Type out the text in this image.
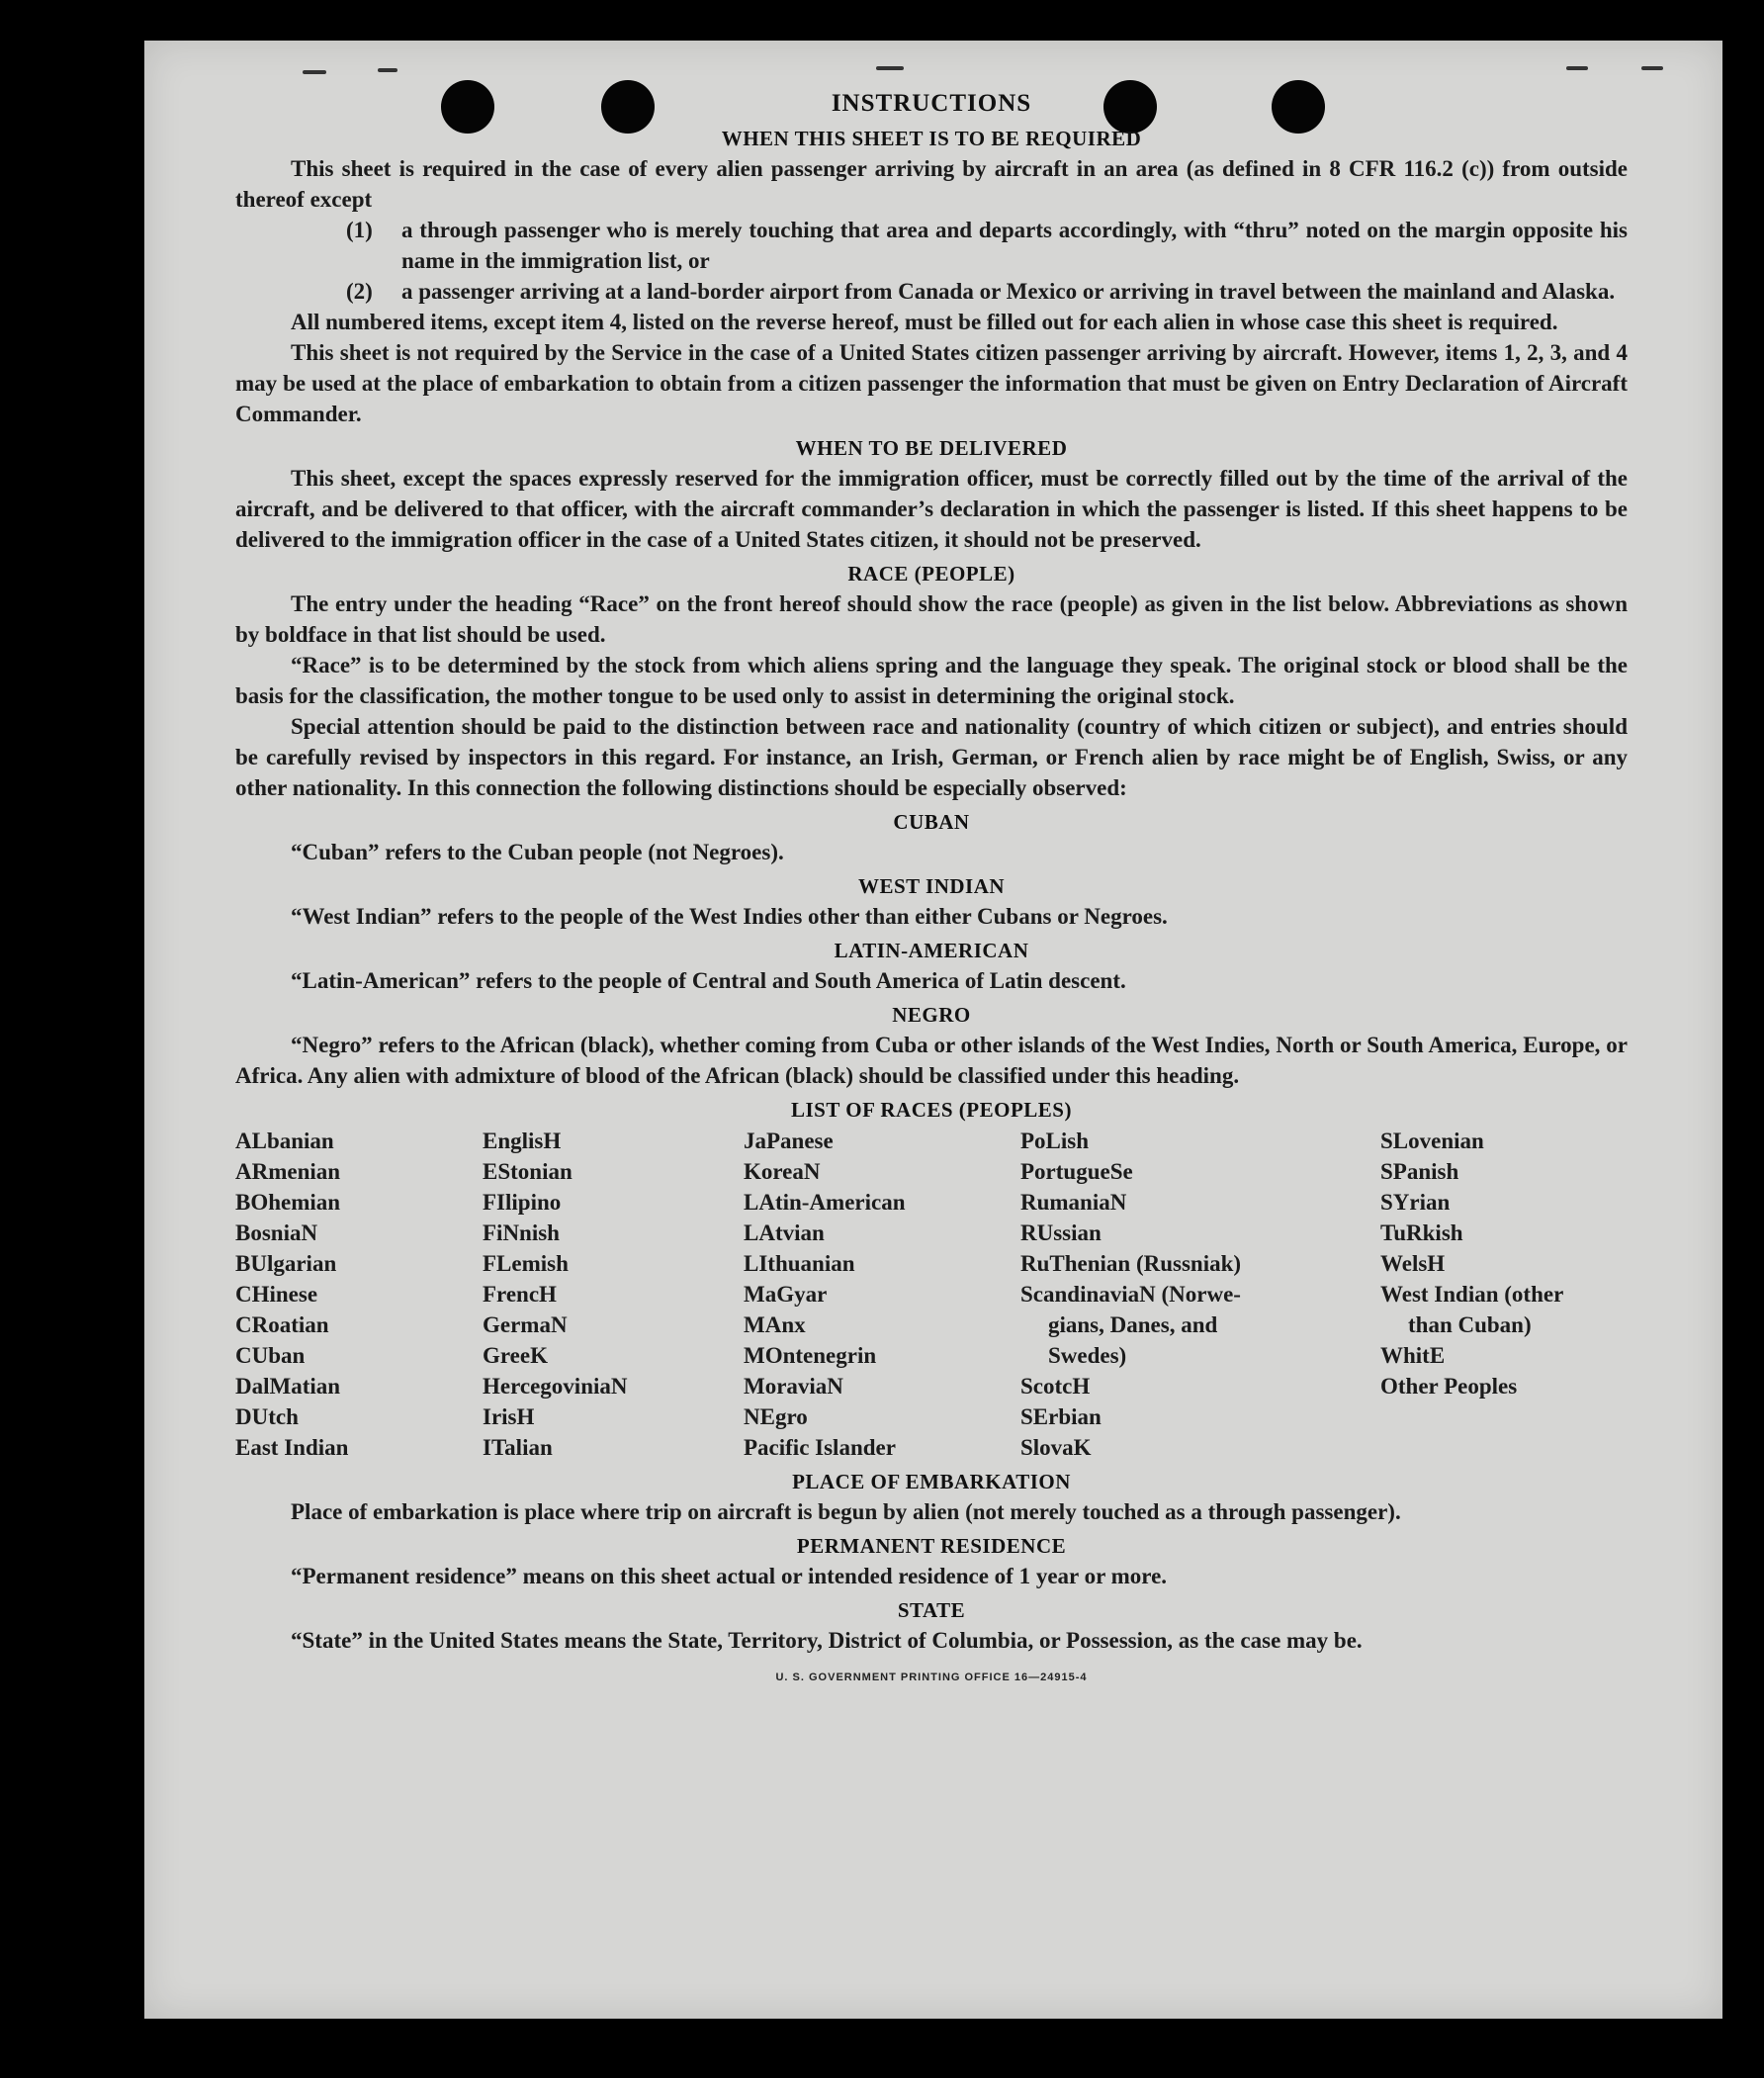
INSTRUCTIONS
WHEN THIS SHEET IS TO BE REQUIRED

This sheet is required in the case of every alien passenger arriving by aircraft in an area (as defined in 8 CFR 116.2 (c)) from outside thereof except

(1)	a through passenger who is merely touching that area and departs accordingly, with “thru” noted on the margin opposite his name in the immigration list, or
(2)	a passenger arriving at a land-border airport from Canada or Mexico or arriving in travel between the mainland and Alaska.

All numbered items, except item 4, listed on the reverse hereof, must be filled out for each alien in whose case this sheet is required.

This sheet is not required by the Service in the case of a United States citizen passenger arriving by aircraft. However, items 1, 2, 3, and 4 may be used at the place of embarkation to obtain from a citizen passenger the information that must be given on Entry Declaration of Aircraft Commander.

WHEN TO BE DELIVERED

This sheet, except the spaces expressly reserved for the immigration officer, must be correctly filled out by the time of the arrival of the aircraft, and be delivered to that officer, with the aircraft commander’s declaration in which the passenger is listed. If this sheet happens to be delivered to the immigration officer in the case of a United States citizen, it should not be preserved.

RACE (PEOPLE)

The entry under the heading “Race” on the front hereof should show the race (people) as given in the list below. Abbreviations as shown by boldface in that list should be used.

“Race” is to be determined by the stock from which aliens spring and the language they speak. The original stock or blood shall be the basis for the classification, the mother tongue to be used only to assist in determining the original stock.

Special attention should be paid to the distinction between race and nationality (country of which citizen or subject), and entries should be carefully revised by inspectors in this regard. For instance, an Irish, German, or French alien by race might be of English, Swiss, or any other nationality. In this connection the following distinctions should be especially observed:

CUBAN

“Cuban” refers to the Cuban people (not Negroes).

WEST INDIAN

“West Indian” refers to the people of the West Indies other than either Cubans or Negroes.

LATIN-AMERICAN

“Latin-American” refers to the people of Central and South America of Latin descent.

NEGRO

“Negro” refers to the African (black), whether coming from Cuba or other islands of the West Indies, North or South America, Europe, or Africa. Any alien with admixture of blood of the African (black) should be classified under this heading.

LIST OF RACES (PEOPLES)
ALbanian
ARmenian
BOhemian
BosniaN
BUlgarian
CHinese
CRoatian
CUban
DalMatian
DUtch
East Indian
EnglisH
EStonian
FIlipino
FiNnish
FLemish
FrencH
GermaN
GreeK
HercegoviniaN
IrisH
ITalian
JaPanese
KoreaN
LAtin-American
LAtvian
LIthuanian
MaGyar
MAnx
MOntenegrin
MoraviaN
NEgro
Pacific Islander
PoLish
PortugueSe
RumaniaN
RUssian
RuThenian (Russniak)
ScandinaviaN (Norwe-
gians, Danes, and
Swedes)
ScotcH
SErbian
SlovaK
SLovenian
SPanish
SYrian
TuRkish
WelsH
West Indian (other
than Cuban)
WhitE
Other Peoples
PLACE OF EMBARKATION

Place of embarkation is place where trip on aircraft is begun by alien (not merely touched as a through passenger).

PERMANENT RESIDENCE

“Permanent residence” means on this sheet actual or intended residence of 1 year or more.

STATE

“State” in the United States means the State, Territory, District of Columbia, or Possession, as the case may be.

U. S. GOVERNMENT PRINTING OFFICE 16—24915-4
